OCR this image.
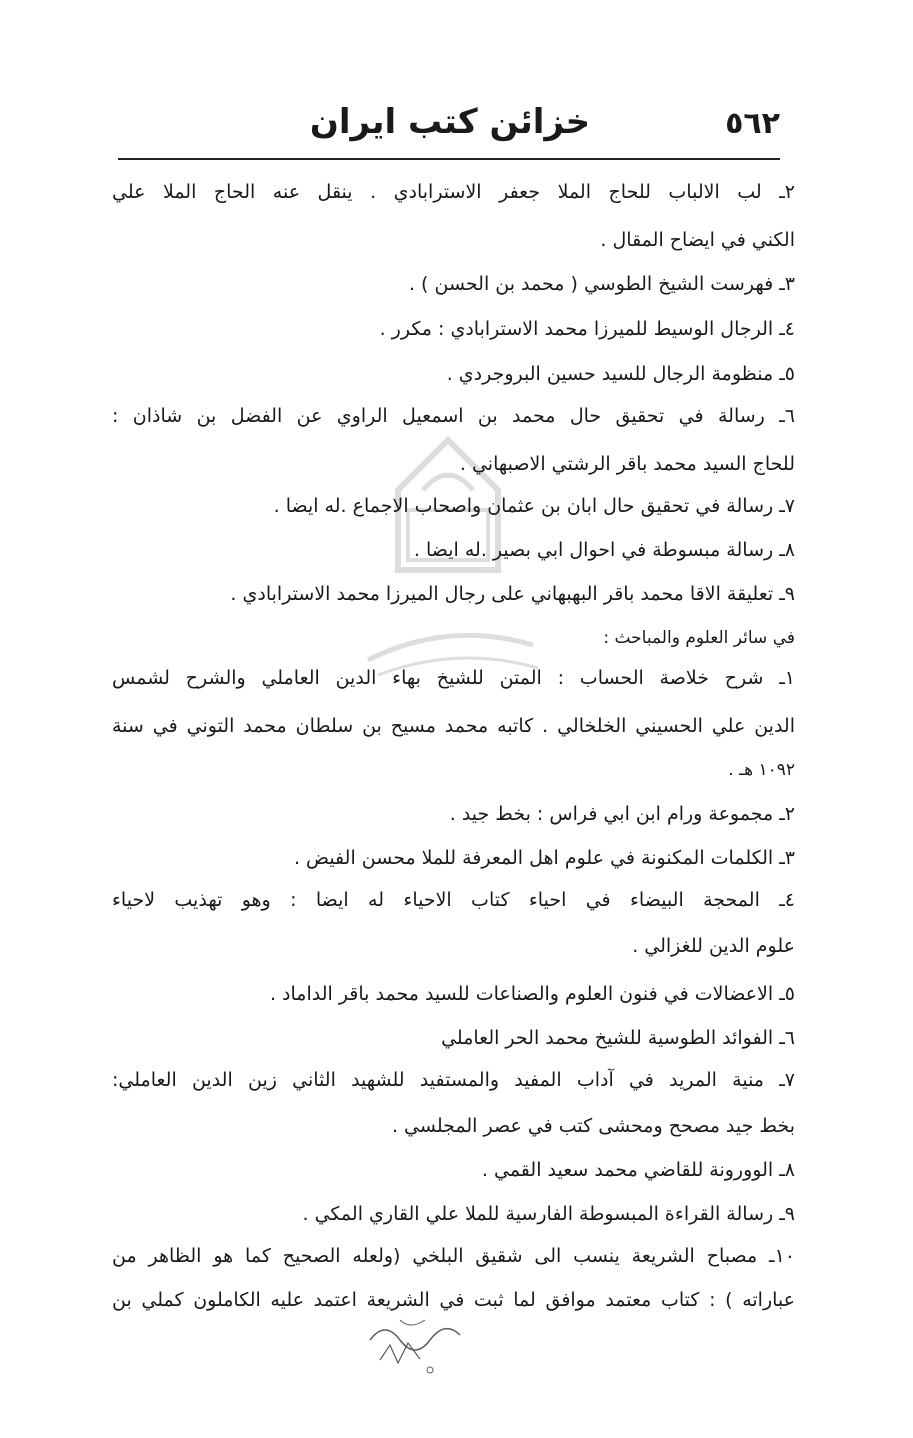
٥٦٢
خزائن كتب ايران
٢ـ لب الالباب للحاج الملا جعفر الاسترابادي . ينقل عنه الحاج الملا علي
الكني في ايضاح المقال .
٣ـ فهرست الشيخ الطوسي ( محمد بن الحسن ) .
٤ـ الرجال الوسيط للميرزا محمد الاسترابادي : مكرر .
٥ـ منظومة الرجال للسيد حسين البروجردي .
٦ـ رسالة في تحقيق حال محمد بن اسمعيل الراوي عن الفضل بن شاذان :
للحاج السيد محمد باقر الرشتي الاصبهاني .
٧ـ رسالة في تحقيق حال ابان بن عثمان واصحاب الاجماع .له ايضا .
٨ـ رسالة مبسوطة في احوال ابي بصير .له ايضا .
٩ـ تعليقة الاقا محمد باقر البهبهاني على رجال الميرزا محمد الاسترابادي .
في سائر العلوم والمباحث :
١ـ شرح خلاصة الحساب : المتن للشيخ بهاء الدين العاملي والشرح لشمس
الدين علي الحسيني الخلخالي . كاتبه محمد مسيح بن سلطان محمد التوني في سنة
١٠٩٢ هـ .
٢ـ مجموعة ورام ابن ابي فراس : بخط جيد .
٣ـ الكلمات المكنونة في علوم اهل المعرفة للملا محسن الفيض .
٤ـ المحجة البيضاء في احياء كتاب الاحياء له ايضا : وهو تهذيب لاحياء
علوم الدين للغزالي .
٥ـ الاعضالات في فنون العلوم والصناعات للسيد محمد باقر الداماد .
٦ـ الفوائد الطوسية للشيخ محمد الحر العاملي
٧ـ منية المريد في آداب المفيد والمستفيد للشهيد الثاني زين الدين العاملي:
بخط جيد مصحح ومحشى كتب في عصر المجلسي .
٨ـ الوورونة للقاضي محمد سعيد القمي .
٩ـ رسالة القراءة المبسوطة الفارسية للملا علي القاري المكي .
١٠ـ مصباح الشريعة ينسب الى شقيق البلخي (ولعله الصحيح كما هو الظاهر من
عباراته ) : كتاب معتمد موافق لما ثبت في الشريعة اعتمد عليه الكاملون كملي بن
